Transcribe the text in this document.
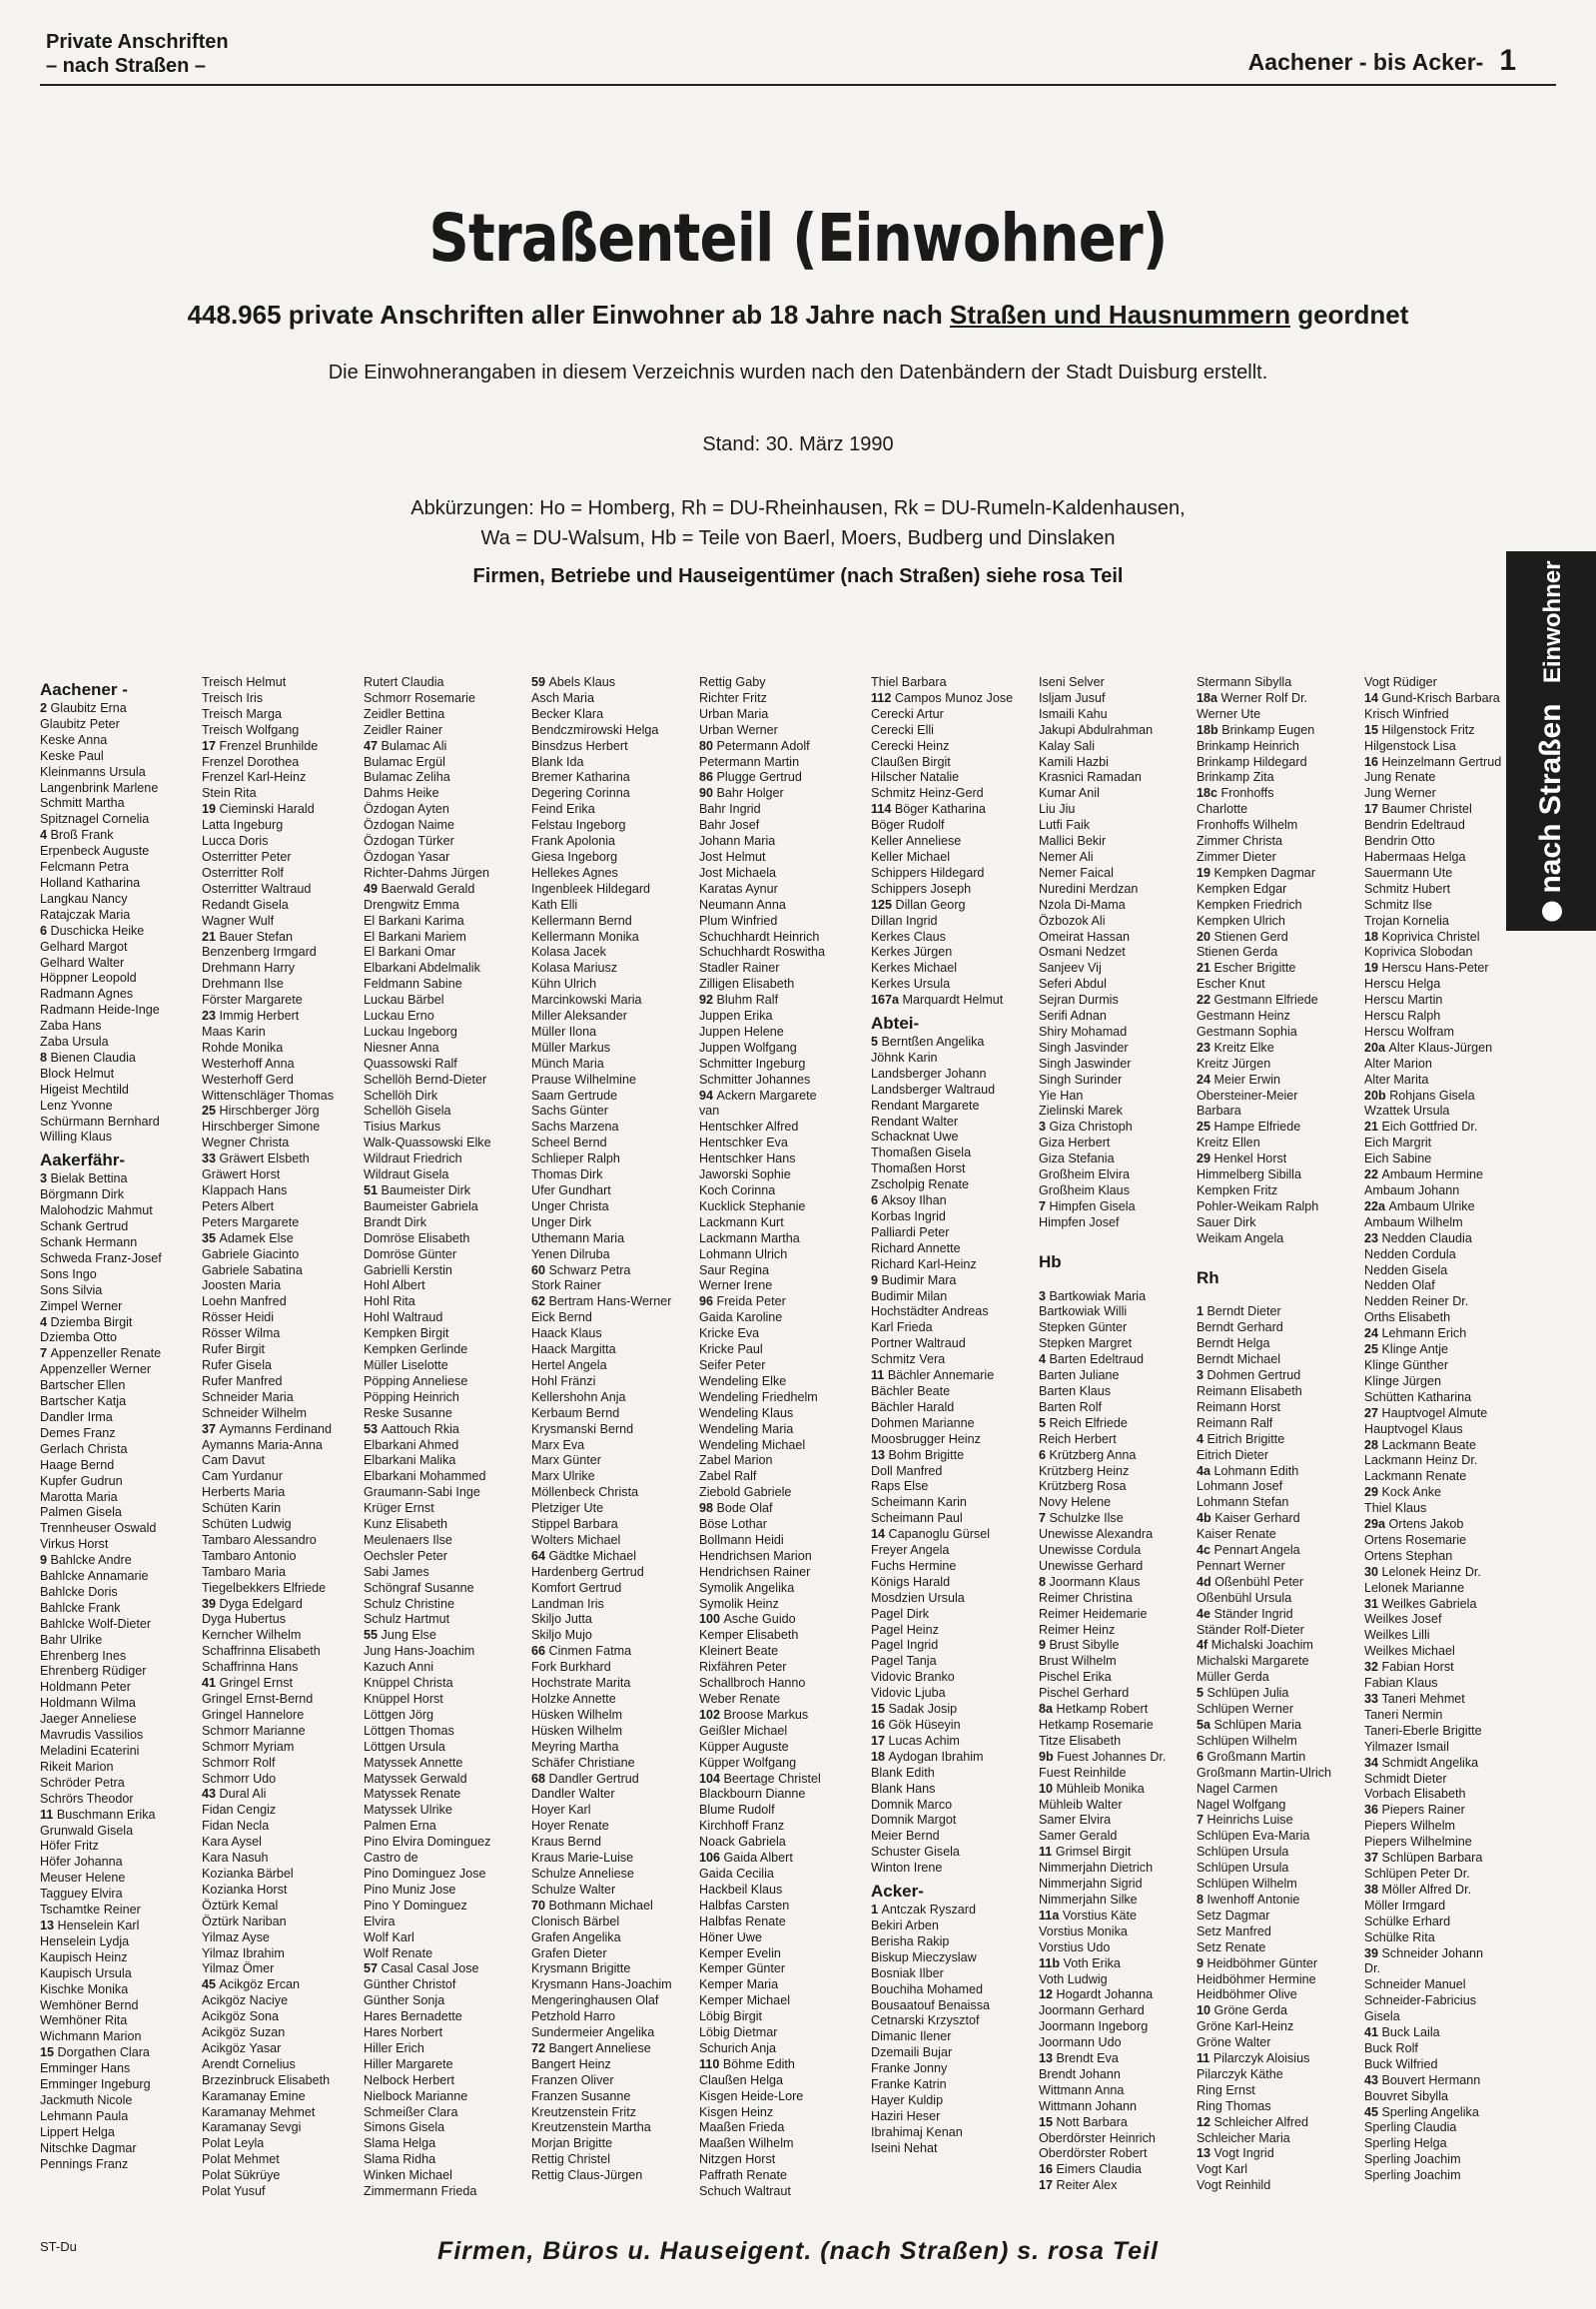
Private Anschriften
– nach Straßen –	Aachener - bis Acker- 1
Straßenteil (Einwohner)
448.965 private Anschriften aller Einwohner ab 18 Jahre nach Straßen und Hausnummern geordnet
Die Einwohnerangaben in diesem Verzeichnis wurden nach den Datenbändern der Stadt Duisburg erstellt.
Stand: 30. März 1990
Abkürzungen: Ho = Homberg, Rh = DU-Rheinhausen, Rk = DU-Rumeln-Kaldenhausen,
Wa = DU-Walsum, Hb = Teile von Baerl, Moers, Budberg und Dinslaken
Firmen, Betriebe und Hauseigentümer (nach Straßen) siehe rosa Teil
nach Straßen Einwohner
Aachener -
2 Glaubitz Erna
Glaubitz Peter
Keske Anna
Keske Paul
Kleinmanns Ursula
Langenbrink Marlene
Schmitt Martha
Spitznagel Cornelia
4 Broß Frank
Erpenbeck Auguste
Felcmann Petra
Holland Katharina
Langkau Nancy
Ratajczak Maria
6 Duschicka Heike
Gelhard Margot
Gelhard Walter
Höppner Leopold
Radmann Agnes
Radmann Heide-Inge
Zaba Hans
Zaba Ursula
8 Bienen Claudia
Block Helmut
Higeist Mechtild
Lenz Yvonne
Schürmann Bernhard
Willing Klaus
Aakerfähr-
3 Bielak Bettina
Börgmann Dirk
Malohodzic Mahmut
Schank Gertrud
Schank Hermann
Schweda Franz-Josef
Sons Ingo
Sons Silvia
Zimpel Werner
4 Dziemba Birgit
Dziemba Otto
7 Appenzeller Renate
Appenzeller Werner
Bartscher Ellen
Bartscher Katja
Dandler Irma
Demes Franz
Gerlach Christa
Haage Bernd
Kupfer Gudrun
Marotta Maria
Palmen Gisela
Trennheuser Oswald
Virkus Horst
9 Bahlcke Andre
Bahlcke Annamarie
Bahlcke Doris
Bahlcke Frank
Bahlcke Wolf-Dieter
Bahr Ulrike
Ehrenberg Ines
Ehrenberg Rüdiger
Holdmann Peter
Holdmann Wilma
Jaeger Anneliese
Mavrudis Vassilios
Meladini Ecaterini
Rikeit Marion
Schröder Petra
Schrörs Theodor
11 Buschmann Erika
Grunwald Gisela
Höfer Fritz
Höfer Johanna
Meuser Helene
Tagguey Elvira
Tschamtke Reiner
13 Henselein Karl
Henselein Lydja
Kaupisch Heinz
Kaupisch Ursula
Kischke Monika
Wemhöner Bernd
Wemhöner Rita
Wichmann Marion
15 Dorgathen Clara
Emminger Hans
Emminger Ingeburg
Jackmuth Nicole
Lehmann Paula
Lippert Helga
Nitschke Dagmar
Pennings Franz
Treisch Helmut
Treisch Iris
Treisch Marga
Treisch Wolfgang
17 Frenzel Brunhilde
Frenzel Dorothea
Frenzel Karl-Heinz
Stein Rita
19 Cieminski Harald
Latta Ingeburg
Lucca Doris
Osterritter Peter
Osterritter Rolf
Osterritter Waltraud
Redandt Gisela
Wagner Wulf
21 Bauer Stefan
Benzenberg Irmgard
Drehmann Harry
Drehmann Ilse
Förster Margarete
23 Immig Herbert
Maas Karin
Rohde Monika
Westerhoff Anna
Westerhoff Gerd
Wittenschläger Thomas
25 Hirschberger Jörg
Hirschberger Simone
Wegner Christa
33 Gräwert Elsbeth
Gräwert Horst
Klappach Hans
Peters Albert
Peters Margarete
35 Adamek Else
Gabriele Giacinto
Gabriele Sabatina
Joosten Maria
Loehn Manfred
Rösser Heidi
Rösser Wilma
Rufer Birgit
Rufer Gisela
Rufer Manfred
Schneider Maria
Schneider Wilhelm
37 Aymanns Ferdinand
Aymanns Maria-Anna
Cam Davut
Cam Yurdanur
Herberts Maria
Schüten Karin
Schüten Ludwig
Tambaro Alessandro
Tambaro Antonio
Tambaro Maria
Tiegelbekkers Elfriede
39 Dyga Edelgard
Dyga Hubertus
Kerncher Wilhelm
Schaffrinna Elisabeth
Schaffrinna Hans
41 Gringel Ernst
Gringel Ernst-Bernd
Gringel Hannelore
Schmorr Marianne
Schmorr Myriam
Schmorr Rolf
Schmorr Udo
43 Dural Ali
Fidan Cengiz
Fidan Necla
Kara Aysel
Kara Nasuh
Kozianka Bärbel
Kozianka Horst
Öztürk Kemal
Öztürk Nariban
Yilmaz Ayse
Yilmaz Ibrahim
Yilmaz Ömer
45 Acikgöz Ercan
Acikgöz Naciye
Acikgöz Sona
Acikgöz Suzan
Acikgöz Yasar
Arendt Cornelius
Brzezinbruck Elisabeth
Karamanay Emine
Karamanay Mehmet
Karamanay Sevgi
Polat Leyla
Polat Mehmet
Polat Sükrüye
Polat Yusuf
Rutert Claudia
Schmorr Rosemarie
Zeidler Bettina
Zeidler Rainer
47 Bulamac Ali
Bulamac Ergül
Bulamac Zeliha
Dahms Heike
Özdogan Ayten
Özdogan Naime
Özdogan Türker
Özdogan Yasar
Richter-Dahms Jürgen
49 Baerwald Gerald
Drengwitz Emma
El Barkani Karima
El Barkani Mariem
El Barkani Omar
Elbarkani Abdelmalik
Feldmann Sabine
Luckau Bärbel
Luckau Erno
Luckau Ingeborg
Niesner Anna
Quassowski Ralf
Schellöh Bernd-Dieter
Schellöh Dirk
Schellöh Gisela
Tisius Markus
Walk-Quassowski Elke
Wildraut Friedrich
Wildraut Gisela
51 Baumeister Dirk
Baumeister Gabriela
Brandt Dirk
Domröse Elisabeth
Domröse Günter
Gabrielli Kerstin
Hohl Albert
Hohl Rita
Hohl Waltraud
Kempken Birgit
Kempken Gerlinde
Müller Liselotte
Pöpping Anneliese
Pöpping Heinrich
Reske Susanne
53 Aattouch Rkia
Elbarkani Ahmed
Elbarkani Malika
Elbarkani Mohammed
Graumann-Sabi Inge
Krüger Ernst
Kunz Elisabeth
Meulenaers Ilse
Oechsler Peter
Sabi James
Schöngraf Susanne
Schulz Christine
Schulz Hartmut
55 Jung Else
Jung Hans-Joachim
Kazuch Anni
Knüppel Christa
Knüppel Horst
Löttgen Jörg
Löttgen Thomas
Löttgen Ursula
Matyssek Annette
Matyssek Gerwald
Matyssek Renate
Matyssek Ulrike
Palmen Erna
Pino Elvira Dominguez
Castro de
Pino Dominguez Jose
Pino Muniz Jose
Pino Y Dominguez
Elvira
Wolf Karl
Wolf Renate
57 Casal Casal Jose
Günther Christof
Günther Sonja
Hares Bernadette
Hares Norbert
Hiller Erich
Hiller Margarete
Nelbock Herbert
Nielbock Marianne
Schmeißer Clara
Simons Gisela
Slama Helga
Slama Ridha
Winken Michael
Zimmermann Frieda
59 Abels Klaus
Asch Maria
Becker Klara
Bendczmirowski Helga
Binsdzus Herbert
Blank Ida
Bremer Katharina
Degering Corinna
Feind Erika
Felstau Ingeborg
Frank Apolonia
Giesa Ingeborg
Hellekes Agnes
Ingenbleek Hildegard
Kath Elli
Kellermann Bernd
Kellermann Monika
Kolasa Jacek
Kolasa Mariusz
Kühn Ulrich
Marcinkowski Maria
Miller Aleksander
Müller Ilona
Müller Markus
Münch Maria
Prause Wilhelmine
Saam Gertrude
Sachs Günter
Sachs Marzena
Scheel Bernd
Schlieper Ralph
Thomas Dirk
Ufer Gundhart
Unger Christa
Unger Dirk
Uthemann Maria
Yenen Dilruba
60 Schwarz Petra
Stork Rainer
62 Bertram Hans-Werner
Eick Bernd
Haack Klaus
Haack Margitta
Hertel Angela
Hohl Fränzi
Kellershohn Anja
Kerbaum Bernd
Krysmanski Bernd
Marx Eva
Marx Günter
Marx Ulrike
Möllenbeck Christa
Pletziger Ute
Stippel Barbara
Wolters Michael
64 Gädtke Michael
Hardenberg Gertrud
Komfort Gertrud
Landman Iris
Skiljo Jutta
Skiljo Mujo
66 Cinmen Fatma
Fork Burkhard
Hochstrate Marita
Holzke Annette
Hüsken Wilhelm
Hüsken Wilhelm
Meyring Martha
Schäfer Christiane
68 Dandler Gertrud
Dandler Walter
Hoyer Karl
Hoyer Renate
Kraus Bernd
Kraus Marie-Luise
Schulze Anneliese
Schulze Walter
70 Bothmann Michael
Clonisch Bärbel
Grafen Angelika
Grafen Dieter
Krysmann Brigitte
Krysmann Hans-Joachim
Mengeringhausen Olaf
Petzhold Harro
Sundermeier Angelika
72 Bangert Anneliese
Bangert Heinz
Franzen Oliver
Franzen Susanne
Kreutzenstein Fritz
Kreutzenstein Martha
Morjan Brigitte
Rettig Christel
Rettig Claus-Jürgen
Rettig Gaby
Richter Fritz
Urban Maria
Urban Werner
80 Petermann Adolf
Petermann Martin
86 Plugge Gertrud
90 Bahr Holger
Bahr Ingrid
Bahr Josef
Johann Maria
Jost Helmut
Jost Michaela
Karatas Aynur
Neumann Anna
Plum Winfried
Schuchhardt Heinrich
Schuchhardt Roswitha
Stadler Rainer
Zilligen Elisabeth
92 Bluhm Ralf
Juppen Erika
Juppen Helene
Juppen Wolfgang
Schmitter Ingeburg
Schmitter Johannes
94 Ackern Margarete
van
Hentschker Alfred
Hentschker Eva
Hentschker Hans
Jaworski Sophie
Koch Corinna
Kucklick Stephanie
Lackmann Kurt
Lackmann Martha
Lohmann Ulrich
Saur Regina
Werner Irene
96 Freida Peter
Gaida Karoline
Kricke Eva
Kricke Paul
Seifer Peter
Wendeling Elke
Wendeling Friedhelm
Wendeling Klaus
Wendeling Maria
Wendeling Michael
Zabel Marion
Zabel Ralf
Ziebold Gabriele
98 Bode Olaf
Böse Lothar
Bollmann Heidi
Hendrichsen Marion
Hendrichsen Rainer
Symolik Angelika
Symolik Heinz
100 Asche Guido
Kemper Elisabeth
Kleinert Beate
Rixfähren Peter
Schallbroch Hanno
Weber Renate
102 Broose Markus
Geißler Michael
Küpper Auguste
Küpper Wolfgang
104 Beertage Christel
Blackbourn Dianne
Blume Rudolf
Kirchhoff Franz
Noack Gabriela
106 Gaida Albert
Gaida Cecilia
Hackbeil Klaus
Halbfas Carsten
Halbfas Renate
Höner Uwe
Kemper Evelin
Kemper Günter
Kemper Maria
Kemper Michael
Löbig Birgit
Löbig Dietmar
Schurich Anja
110 Böhme Edith
Claußen Helga
Kisgen Heide-Lore
Kisgen Heinz
Maaßen Frieda
Maaßen Wilhelm
Nitzgen Horst
Paffrath Renate
Schuch Waltraut
Thiel Barbara
112 Campos Munoz Jose
Cerecki Artur
Cerecki Elli
Cerecki Heinz
Claußen Birgit
Hilscher Natalie
Schmitz Heinz-Gerd
114 Böger Katharina
Böger Rudolf
Keller Anneliese
Keller Michael
Schippers Hildegard
Schippers Joseph
125 Dillan Georg
Dillan Ingrid
Kerkes Claus
Kerkes Jürgen
Kerkes Michael
Kerkes Ursula
167a Marquardt Helmut
Abtei-
5 Berntßen Angelika
Jöhnk Karin
Landsberger Johann
Landsberger Waltraud
Rendant Margarete
Rendant Walter
Schacknat Uwe
Thomaßen Gisela
Thomaßen Horst
Zscholpig Renate
6 Aksoy Ilhan
Korbas Ingrid
Palliardi Peter
Richard Annette
Richard Karl-Heinz
9 Budimir Mara
Budimir Milan
Hochstädter Andreas
Karl Frieda
Portner Waltraud
Schmitz Vera
11 Bächler Annemarie
Bächler Beate
Bächler Harald
Dohmen Marianne
Moosbrugger Heinz
13 Bohm Brigitte
Doll Manfred
Raps Else
Scheimann Karin
Scheimann Paul
14 Capanoglu Gürsel
Freyer Angela
Fuchs Hermine
Königs Harald
Mosdzien Ursula
Pagel Dirk
Pagel Heinz
Pagel Ingrid
Pagel Tanja
Vidovic Branko
Vidovic Ljuba
15 Sadak Josip
16 Gök Hüseyin
17 Lucas Achim
18 Aydogan Ibrahim
Blank Edith
Blank Hans
Domnik Marco
Domnik Margot
Meier Bernd
Schuster Gisela
Winton Irene
Acker-
1 Antczak Ryszard
Bekiri Arben
Berisha Rakip
Biskup Mieczyslaw
Bosniak Ilber
Bouchiha Mohamed
Bousaatouf Benaissa
Cetnarski Krzysztof
Dimanic Ilener
Dzemaili Bujar
Franke Jonny
Franke Katrin
Hayer Kuldip
Haziri Heser
Ibrahimaj Kenan
Iseini Nehat
Iseni Selver
Isljam Jusuf
Ismaili Kahu
Jakupi Abdulrahman
Kalay Sali
Kamili Hazbi
Krasnici Ramadan
Kumar Anil
Liu Jiu
Lutfi Faik
Mallici Bekir
Nemer Ali
Nemer Faical
Nuredini Merdzan
Nzola Di-Mama
Özbozok Ali
Omeirat Hassan
Osmani Nedzet
Sanjeev Vij
Seferi Abdul
Sejran Durmis
Serifi Adnan
Shiry Mohamad
Singh Jasvinder
Singh Jaswinder
Singh Surinder
Yie Han
Zielinski Marek
3 Giza Christoph
Giza Herbert
Giza Stefania
Großheim Elvira
Großheim Klaus
7 Himpfen Gisela
Himpfen Josef

Hb

3 Bartkowiak Maria
Bartkowiak Willi
Stepken Günter
Stepken Margret
4 Barten Edeltraud
Barten Juliane
Barten Klaus
Barten Rolf
5 Reich Elfriede
Reich Herbert
6 Krützberg Anna
Krützberg Heinz
Krützberg Rosa
Novy Helene
7 Schulzke Ilse
Unewisse Alexandra
Unewisse Cordula
Unewisse Gerhard
8 Joormann Klaus
Reimer Christina
Reimer Heidemarie
Reimer Heinz
9 Brust Sibylle
Brust Wilhelm
Pischel Erika
Pischel Gerhard
8a Hetkamp Robert
Hetkamp Rosemarie
Titze Elisabeth
9b Fuest Johannes Dr.
Fuest Reinhilde
10 Mühleib Monika
Mühleib Walter
Samer Elvira
Samer Gerald
11 Grimsel Birgit
Nimmerjahn Dietrich
Nimmerjahn Sigrid
Nimmerjahn Silke
11a Vorstius Käte
Vorstius Monika
Vorstius Udo
11b Voth Erika
Voth Ludwig
12 Hogardt Johanna
Joormann Gerhard
Joormann Ingeborg
Joormann Udo
13 Brendt Eva
Brendt Johann
Wittmann Anna
Wittmann Johann
15 Nott Barbara
Oberdörster Heinrich
Oberdörster Robert
16 Eimers Claudia
17 Reiter Alex
Stermann Sibylla
18a Werner Rolf Dr.
Werner Ute
18b Brinkamp Eugen
Brinkamp Heinrich
Brinkamp Hildegard
Brinkamp Zita
18c Fronhoffs
Charlotte
Fronhoffs Wilhelm
Zimmer Christa
Zimmer Dieter
19 Kempken Dagmar
Kempken Edgar
Kempken Friedrich
Kempken Ulrich
20 Stienen Gerd
Stienen Gerda
21 Escher Brigitte
Escher Knut
22 Gestmann Elfriede
Gestmann Heinz
Gestmann Sophia
23 Kreitz Elke
Kreitz Jürgen
24 Meier Erwin
Obersteiner-Meier
Barbara
25 Hampe Elfriede
Kreitz Ellen
29 Henkel Horst
Himmelberg Sibilla
Kempken Fritz
Pohler-Weikam Ralph
Sauer Dirk
Weikam Angela

Rh

1 Berndt Dieter
Berndt Gerhard
Berndt Helga
Berndt Michael
3 Dohmen Gertrud
Reimann Elisabeth
Reimann Horst
Reimann Ralf
4 Eitrich Brigitte
Eitrich Dieter
4a Lohmann Edith
Lohmann Josef
Lohmann Stefan
4b Kaiser Gerhard
Kaiser Renate
4c Pennart Angela
Pennart Werner
4d Oßenbühl Peter
Oßenbühl Ursula
4e Ständer Ingrid
Ständer Rolf-Dieter
4f Michalski Joachim
Michalski Margarete
Müller Gerda
5 Schlüpen Julia
Schlüpen Werner
5a Schlüpen Maria
Schlüpen Wilhelm
6 Großmann Martin
Großmann Martin-Ulrich
Nagel Carmen
Nagel Wolfgang
7 Heinrichs Luise
Schlüpen Eva-Maria
Schlüpen Ursula
Schlüpen Ursula
Schlüpen Wilhelm
8 Iwenhoff Antonie
Setz Dagmar
Setz Manfred
Setz Renate
9 Heidböhmer Günter
Heidböhmer Hermine
Heidböhmer Olive
10 Gröne Gerda
Gröne Karl-Heinz
Gröne Walter
11 Pilarczyk Aloisius
Pilarczyk Käthe
Ring Ernst
Ring Thomas
12 Schleicher Alfred
Schleicher Maria
13 Vogt Ingrid
Vogt Karl
Vogt Reinhild
Vogt Rüdiger
14 Gund-Krisch Barbara
Krisch Winfried
15 Hilgenstock Fritz
Hilgenstock Lisa
16 Heinzelmann Gertrud
Jung Renate
Jung Werner
17 Baumer Christel
Bendrin Edeltraud
Bendrin Otto
Habermaas Helga
Sauermann Ute
Schmitz Hubert
Schmitz Ilse
Trojan Kornelia
18 Koprivica Christel
Koprivica Slobodan
19 Herscu Hans-Peter
Herscu Helga
Herscu Martin
Herscu Ralph
Herscu Wolfram
20a Alter Klaus-Jürgen
Alter Marion
Alter Marita
20b Rohjans Gisela
Wzattek Ursula
21 Eich Gottfried Dr.
Eich Margrit
Eich Sabine
22 Ambaum Hermine
Ambaum Johann
22a Ambaum Ulrike
Ambaum Wilhelm
23 Nedden Claudia
Nedden Cordula
Nedden Gisela
Nedden Olaf
Nedden Reiner Dr.
Orths Elisabeth
24 Lehmann Erich
25 Klinge Antje
Klinge Günther
Klinge Jürgen
Schütten Katharina
27 Hauptvogel Almute
Hauptvogel Klaus
28 Lackmann Beate
Lackmann Heinz Dr.
Lackmann Renate
29 Kock Anke
Thiel Klaus
29a Ortens Jakob
Ortens Rosemarie
Ortens Stephan
30 Lelonek Heinz Dr.
Lelonek Marianne
31 Weilkes Gabriela
Weilkes Josef
Weilkes Lilli
Weilkes Michael
32 Fabian Horst
Fabian Klaus
33 Taneri Mehmet
Taneri Nermin
Taneri-Eberle Brigitte
Yilmazer Ismail
34 Schmidt Angelika
Schmidt Dieter
Vorbach Elisabeth
36 Piepers Rainer
Piepers Wilhelm
Piepers Wilhelmine
37 Schlüpen Barbara
Schlüpen Peter Dr.
38 Möller Alfred Dr.
Möller Irmgard
Schülke Erhard
Schülke Rita
39 Schneider Johann
Dr.
Schneider Manuel
Schneider-Fabricius
Gisela
41 Buck Laila
Buck Rolf
Buck Wilfried
43 Bouvert Hermann
Bouvret Sibylla
45 Sperling Angelika
Sperling Claudia
Sperling Helga
Sperling Joachim
Sperling Joachim
ST-Du	Firmen, Büros u. Hauseigent. (nach Straßen) s. rosa Teil
